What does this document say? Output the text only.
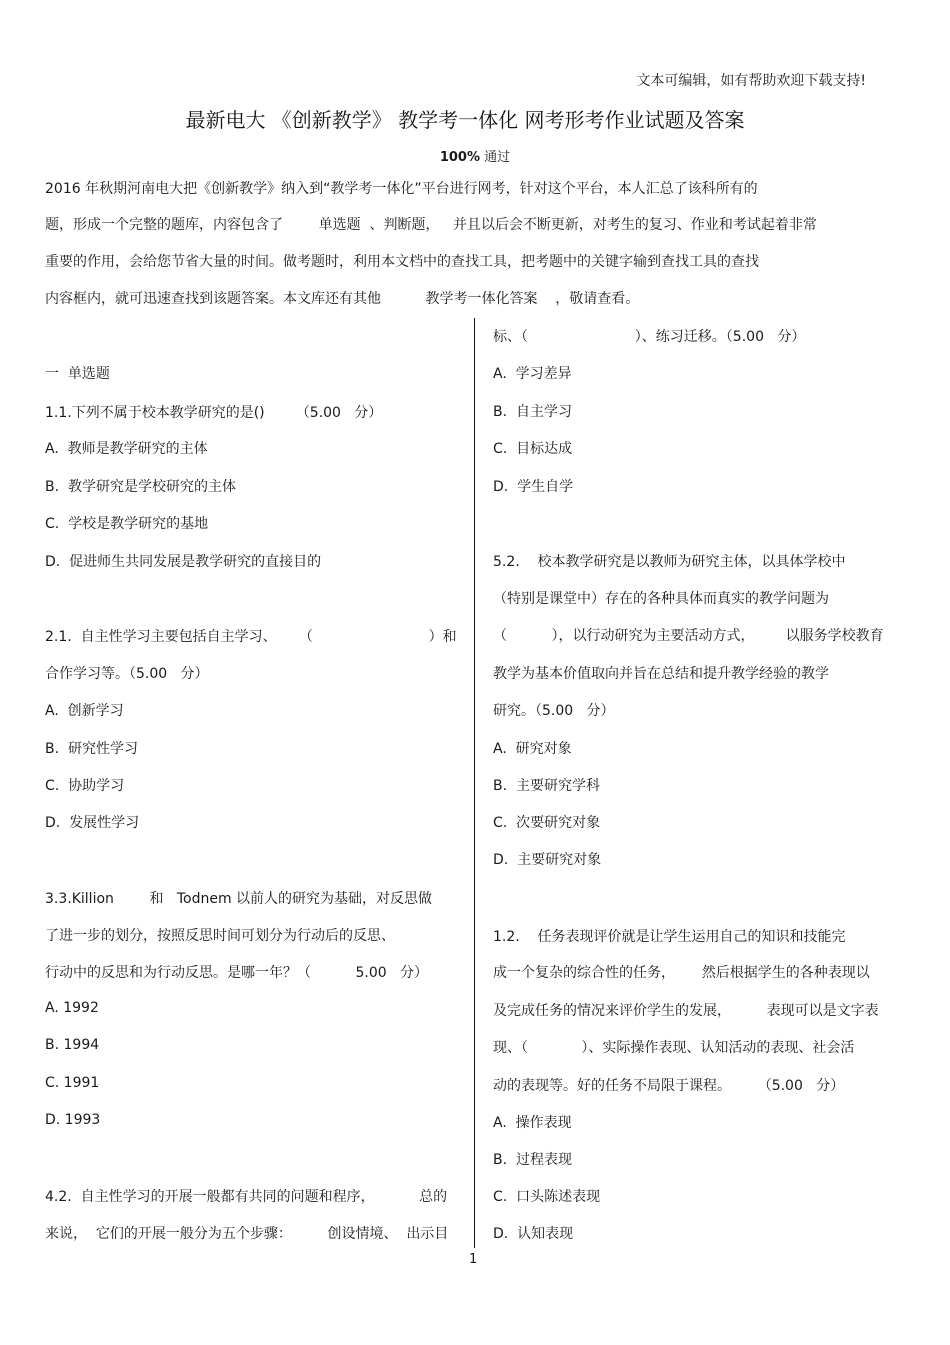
文本可编辑，如有帮助欢迎下载支持!
最新电大 《创新教学》 教学考一体化 网考形考作业试题及答案
100% 通过
2016 年秋期河南电大把《创新教学》纳入到“教学考一体化”平台进行网考，针对这个平台，本人汇总了该科所有的
题，形成一个完整的题库，内容包含了        单选题  、判断题，   并且以后会不断更新，对考生的复习、作业和考试起着非常
重要的作用，会给您节省大量的时间。做考题时，利用本文档中的查找工具，把考题中的关键字输到查找工具的查找
内容框内，就可迅速查找到该题答案。本文库还有其他          教学考一体化答案    ，敬请查看。
一  单选题
1.1.下列不属于校本教学研究的是()       （5.00   分）
A.  教师是教学研究的主体
B.  教学研究是学校研究的主体
C.  学校是教学研究的基地
D.  促进师生共同发展是教学研究的直接目的
2.1.  自主性学习主要包括自主学习、     （                          ）和
合作学习等。（5.00   分）
A.  创新学习
B.  研究性学习
C.  协助学习
D.  发展性学习
3.3.Killion        和   Todnem 以前人的研究为基础，对反思做
了进一步的划分，按照反思时间可划分为行动后的反思、
行动中的反思和为行动反思。是哪一年？（          5.00   分）
A. 1992
B. 1994
C. 1991
D. 1993
4.2.  自主性学习的开展一般都有共同的问题和程序，          总的
来说，  它们的开展一般分为五个步骤：        创设情境、  出示目
标、（                        ）、练习迁移。（5.00   分）
A.  学习差异
B.  自主学习
C.  目标达成
D.  学生自学
5.2.    校本教学研究是以教师为研究主体，以具体学校中
（特别是课堂中）存在的各种具体而真实的教学问题为
（          ），以行动研究为主要活动方式，       以服务学校教育
教学为基本价值取向并旨在总结和提升教学经验的教学
研究。（5.00   分）
A.  研究对象
B.  主要研究学科
C.  次要研究对象
D.  主要研究对象
1.2.    任务表现评价就是让学生运用自己的知识和技能完
成一个复杂的综合性的任务，      然后根据学生的各种表现以
及完成任务的情况来评价学生的发展，        表现可以是文字表
现、（            ）、实际操作表现、认知活动的表现、社会活
动的表现等。好的任务不局限于课程。      （5.00   分）
A.  操作表现
B.  过程表现
C.  口头陈述表现
D.  认知表现
1
